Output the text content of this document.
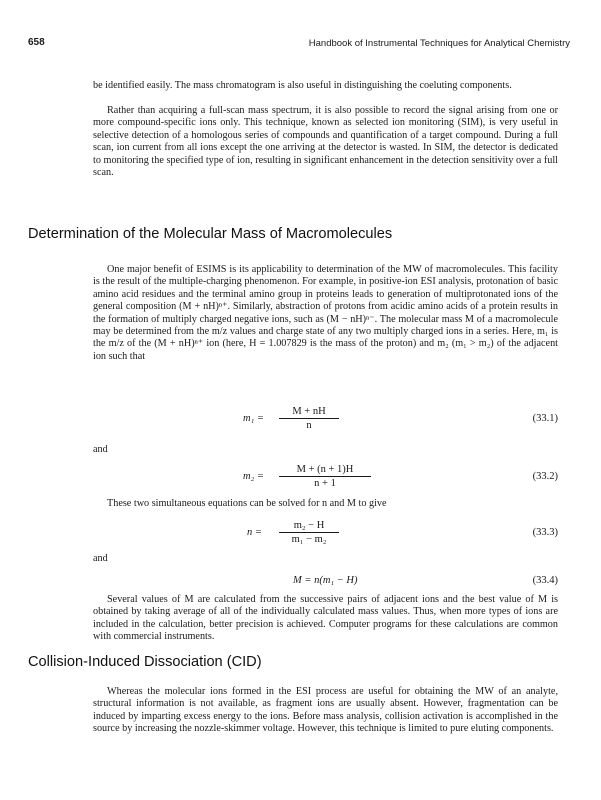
658	Handbook of Instrumental Techniques for Analytical Chemistry

be identified easily. The mass chromatogram is also useful in distinguishing the coeluting components.

Rather than acquiring a full-scan mass spectrum, it is also possible to record the signal arising from one or more compound-specific ions only. This technique, known as selected ion monitoring (SIM), is very useful in selective detection of a homologous series of compounds and quantification of a target compound. During a full scan, ion current from all ions except the one arriving at the detector is wasted. In SIM, the detector is dedicated to monitoring the specified type of ion, resulting in significant enhancement in the detection sensitivity over a full scan.

Determination of the Molecular Mass of Macromolecules

One major benefit of ESIMS is its applicability to determination of the MW of macromolecules. This facility is the result of the multiple-charging phenomenon. For example, in positive-ion ESI analysis, protonation of basic amino acid residues and the terminal amino group in proteins leads to generation of multiprotonated ions of the general composition (M + nH)ⁿ⁺. Similarly, abstraction of protons from acidic amino acids of a protein results in the formation of multiply charged negative ions, such as (M − nH)ⁿ⁻. The molecular mass M of a macromolecule may be determined from the m/z values and charge state of any two multiply charged ions in a series. Here, m₁ is the m/z of the (M + nH)ⁿ⁺ ion (here, H = 1.007829 is the mass of the proton) and m₂ (m₁ > m₂) of the adjacent ion such that

$m_1 = \frac{M + nH}{n}$	(33.1)
and
$m_2 = \frac{M + (n + 1)H}{n + 1}$	(33.2)

These two simultaneous equations can be solved for n and M to give

$n = \frac{\text{m₂ − H}}{\text{m₁ − m₂}}$	(33.3)
and
M = n(m₁ − H)	(33.4)

Several values of M are calculated from the successive pairs of adjacent ions and the best value of M is obtained by taking average of all of the individually calculated mass values. Thus, when more types of ions are included in the calculation, better precision is achieved. Computer programs for these calculations are common with commercial instruments.

Collision-Induced Dissociation (CID)

Whereas the molecular ions formed in the ESI process are useful for obtaining the MW of an analyte, structural information is not available, as fragment ions are usually absent. However, fragmentation can be induced by imparting excess energy to the ions. Before mass analysis, collision activation is accomplished in the source by increasing the nozzle-skimmer voltage. However, this technique is limited to pure eluting components.
